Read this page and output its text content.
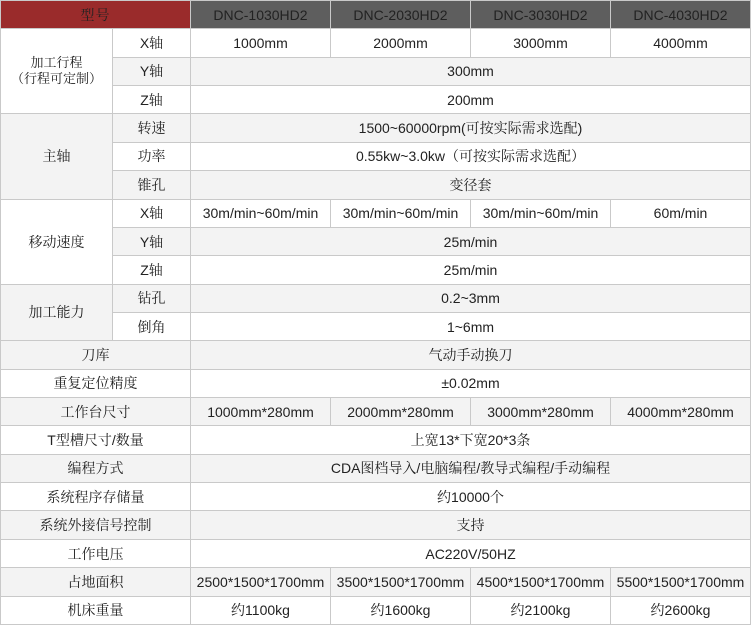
型号		DNC-1030HD2	DNC-2030HD2	DNC-3030HD2	DNC-4030HD2

加工行程
（行程可定制）	X轴	1000mm	2000mm	3000mm	4000mm
	Y轴	300mm			
	Z轴	200mm			
主轴	转速	1500~60000rpm(可按实际需求选配)			
	功率	0.55kw~3.0kw（可按实际需求选配）			
	锥孔	变径套			
移动速度	X轴	30m/min~60m/min	30m/min~60m/min	30m/min~60m/min	60m/min
	Y轴	25m/min			
	Z轴	25m/min			
加工能力	钻孔	0.2~3mm			
	倒角	1~6mm			
刀库		气动手动换刀			
重复定位精度		±0.02mm			
工作台尺寸		1000mm*280mm	2000mm*280mm	3000mm*280mm	4000mm*280mm
T型槽尺寸/数量		上宽13*下宽20*3条			
编程方式		CDA图档导入/电脑编程/教导式编程/手动编程			
系统程序存储量		约10000个			
系统外接信号控制		支持			
工作电压		AC220V/50HZ			
占地面积		2500*1500*1700mm	3500*1500*1700mm	4500*1500*1700mm	5500*1500*1700mm
机床重量		约1100kg	约1600kg	约2100kg	约2600kg
